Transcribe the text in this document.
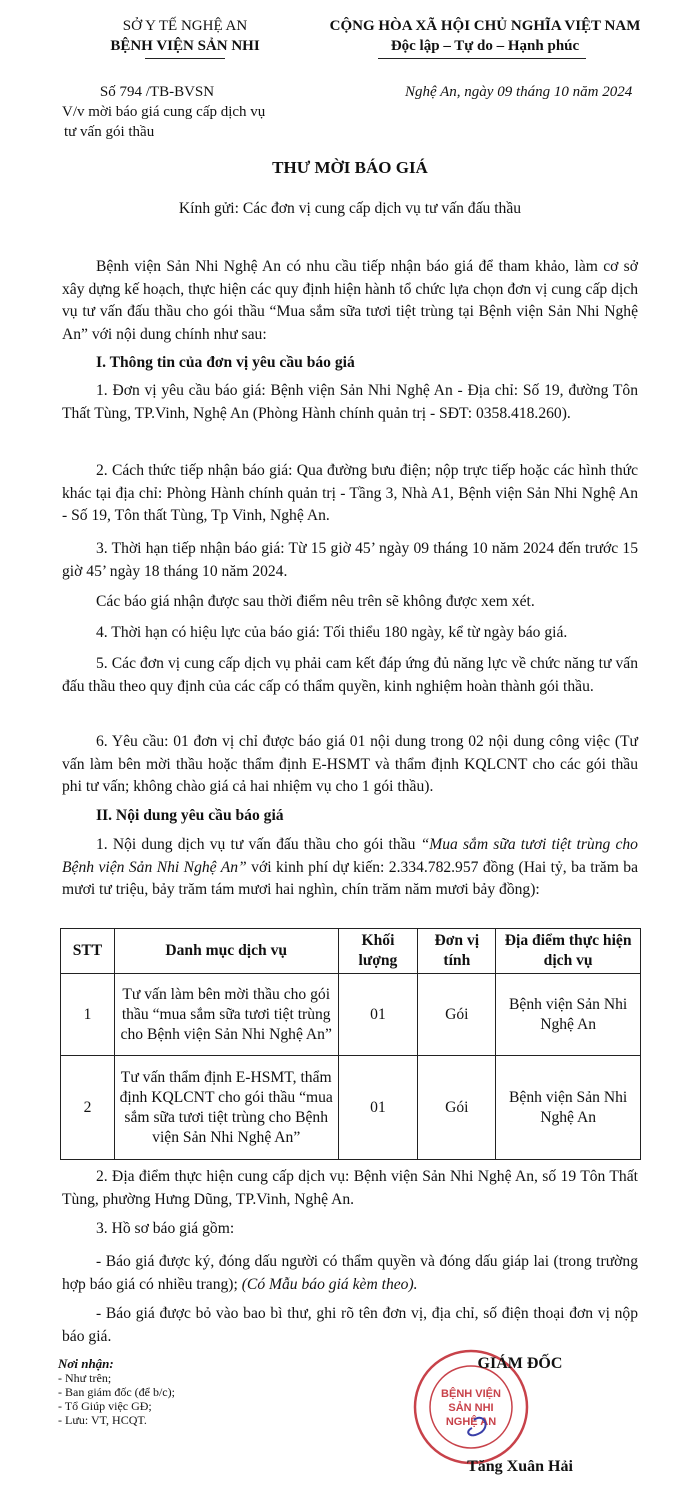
SỞ Y TẾ NGHỆ AN
BỆNH VIỆN SẢN NHI
CỘNG HÒA XÃ HỘI CHỦ NGHĨA VIỆT NAM
Độc lập – Tự do – Hạnh phúc
Số 794 /TB-BVSN
V/v mời báo giá cung cấp dịch vụ
tư vấn gói thầu
Nghệ An, ngày 09 tháng 10 năm 2024
THƯ MỜI BÁO GIÁ
Kính gửi: Các đơn vị cung cấp dịch vụ tư vấn đấu thầu
Bệnh viện Sản Nhi Nghệ An có nhu cầu tiếp nhận báo giá để tham khảo, làm cơ sở xây dựng kế hoạch, thực hiện các quy định hiện hành tổ chức lựa chọn đơn vị cung cấp dịch vụ tư vấn đấu thầu cho gói thầu “Mua sắm sữa tươi tiệt trùng tại Bệnh viện Sản Nhi Nghệ An” với nội dung chính như sau:
I. Thông tin của đơn vị yêu cầu báo giá
1. Đơn vị yêu cầu báo giá: Bệnh viện Sản Nhi Nghệ An - Địa chỉ: Số 19, đường Tôn Thất Tùng, TP.Vinh, Nghệ An (Phòng Hành chính quản trị - SĐT: 0358.418.260).
2. Cách thức tiếp nhận báo giá: Qua đường bưu điện; nộp trực tiếp hoặc các hình thức khác tại địa chỉ: Phòng Hành chính quản trị - Tầng 3, Nhà A1, Bệnh viện Sản Nhi Nghệ An - Số 19, Tôn thất Tùng, Tp Vinh, Nghệ An.
3. Thời hạn tiếp nhận báo giá: Từ 15 giờ 45’ ngày 09 tháng 10 năm 2024 đến trước 15 giờ 45’ ngày 18 tháng 10 năm 2024.
Các báo giá nhận được sau thời điểm nêu trên sẽ không được xem xét.
4. Thời hạn có hiệu lực của báo giá: Tối thiểu 180 ngày, kể từ ngày báo giá.
5. Các đơn vị cung cấp dịch vụ phải cam kết đáp ứng đủ năng lực về chức năng tư vấn đấu thầu theo quy định của các cấp có thẩm quyền, kinh nghiệm hoàn thành gói thầu.
6. Yêu cầu: 01 đơn vị chỉ được báo giá 01 nội dung trong 02 nội dung công việc (Tư vấn làm bên mời thầu hoặc thẩm định E-HSMT và thẩm định KQLCNT cho các gói thầu phi tư vấn; không chào giá cả hai nhiệm vụ cho 1 gói thầu).
II. Nội dung yêu cầu báo giá
1. Nội dung dịch vụ tư vấn đấu thầu cho gói thầu “Mua sắm sữa tươi tiệt trùng cho Bệnh viện Sản Nhi Nghệ An” với kinh phí dự kiến: 2.334.782.957 đồng (Hai tỷ, ba trăm ba mươi tư triệu, bảy trăm tám mươi hai nghìn, chín trăm năm mươi bảy đồng):
STT	Danh mục dịch vụ	Khối lượng	Đơn vị tính	Địa điểm thực hiện dịch vụ
1	Tư vấn làm bên mời thầu cho gói thầu “mua sắm sữa tươi tiệt trùng cho Bệnh viện Sản Nhi Nghệ An”	01	Gói	Bệnh viện Sản Nhi Nghệ An
2	Tư vấn thẩm định E-HSMT, thẩm định KQLCNT cho gói thầu “mua sắm sữa tươi tiệt trùng cho Bệnh viện Sản Nhi Nghệ An”	01	Gói	Bệnh viện Sản Nhi Nghệ An
2. Địa điểm thực hiện cung cấp dịch vụ: Bệnh viện Sản Nhi Nghệ An, số 19 Tôn Thất Tùng, phường Hưng Dũng, TP.Vinh, Nghệ An.
3. Hồ sơ báo giá gồm:
- Báo giá được ký, đóng dấu người có thẩm quyền và đóng dấu giáp lai (trong trường hợp báo giá có nhiều trang); (Có Mẫu báo giá kèm theo).
- Báo giá được bỏ vào bao bì thư, ghi rõ tên đơn vị, địa chỉ, số điện thoại đơn vị nộp báo giá.
Nơi nhận:
- Như trên;
- Ban giám đốc (để b/c);
- Tổ Giúp việc GĐ;
- Lưu: VT, HCQT.
BỆNH VIỆN
SẢN NHI
NGHỆ AN
GIÁM ĐỐC
Tăng Xuân Hải
